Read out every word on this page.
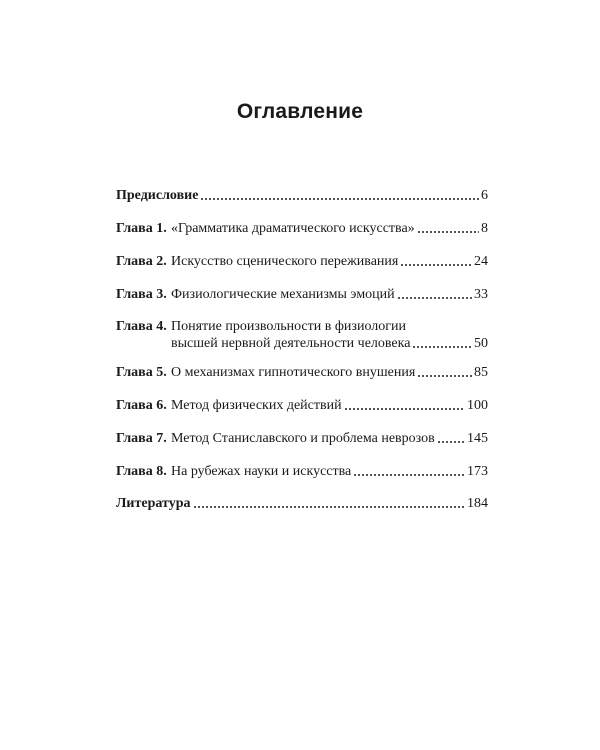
Оглавление
Предисловие	6
Глава 1. «Грамматика драматического искусства»	8
Глава 2. Искусство сценического переживания	24
Глава 3. Физиологические механизмы эмоций	33
Глава 4. Понятие произвольности в физиологии
высшей нервной деятельности человека	50
Глава 5. О механизмах гипнотического внушения	85
Глава 6. Метод физических действий	100
Глава 7. Метод Станиславского и проблема неврозов 145
Глава 8. На рубежах науки и искусства	173
Литература	184
